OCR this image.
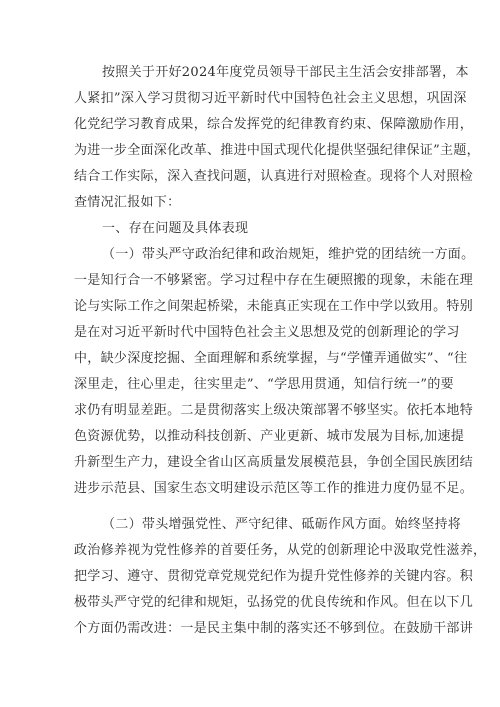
按照关于开好2024年度党员领导干部民主生活会安排部署，本
人紧扣”深入学习贯彻习近平新时代中国特色社会主义思想，巩固深
化党纪学习教育成果，综合发挥党的纪律教育约束、保障激励作用，
为进一步全面深化改革、推进中国式现代化提供坚强纪律保证”主题，
结合工作实际，深入查找问题，认真进行对照检查。现将个人对照检
查情况汇报如下：
一、存在问题及具体表现
（一）带头严守政治纪律和政治规矩，维护党的团结统一方面。
一是知行合一不够紧密。学习过程中存在生硬照搬的现象，未能在理
论与实际工作之间架起桥梁，未能真正实现在工作中学以致用。特别
是在对习近平新时代中国特色社会主义思想及党的创新理论的学习
中，缺少深度挖掘、全面理解和系统掌握，与“学懂弄通做实”、“往
深里走，往心里走，往实里走”、“学思用贯通，知信行统一”的要
求仍有明显差距。二是贯彻落实上级决策部署不够坚实。依托本地特
色资源优势，以推动科技创新、产业更新、城市发展为目标,加速提
升新型生产力，建设全省山区高质量发展模范县，争创全国民族团结
进步示范县、国家生态文明建设示范区等工作的推进力度仍显不足。
（二）带头增强党性、严守纪律、砥砺作风方面。始终坚持将
政治修养视为党性修养的首要任务，从党的创新理论中汲取党性滋养，
把学习、遵守、贯彻党章党规党纪作为提升党性修养的关键内容。积
极带头严守党的纪律和规矩，弘扬党的优良传统和作风。但在以下几
个方面仍需改进：一是民主集中制的落实还不够到位。在鼓励干部讲
